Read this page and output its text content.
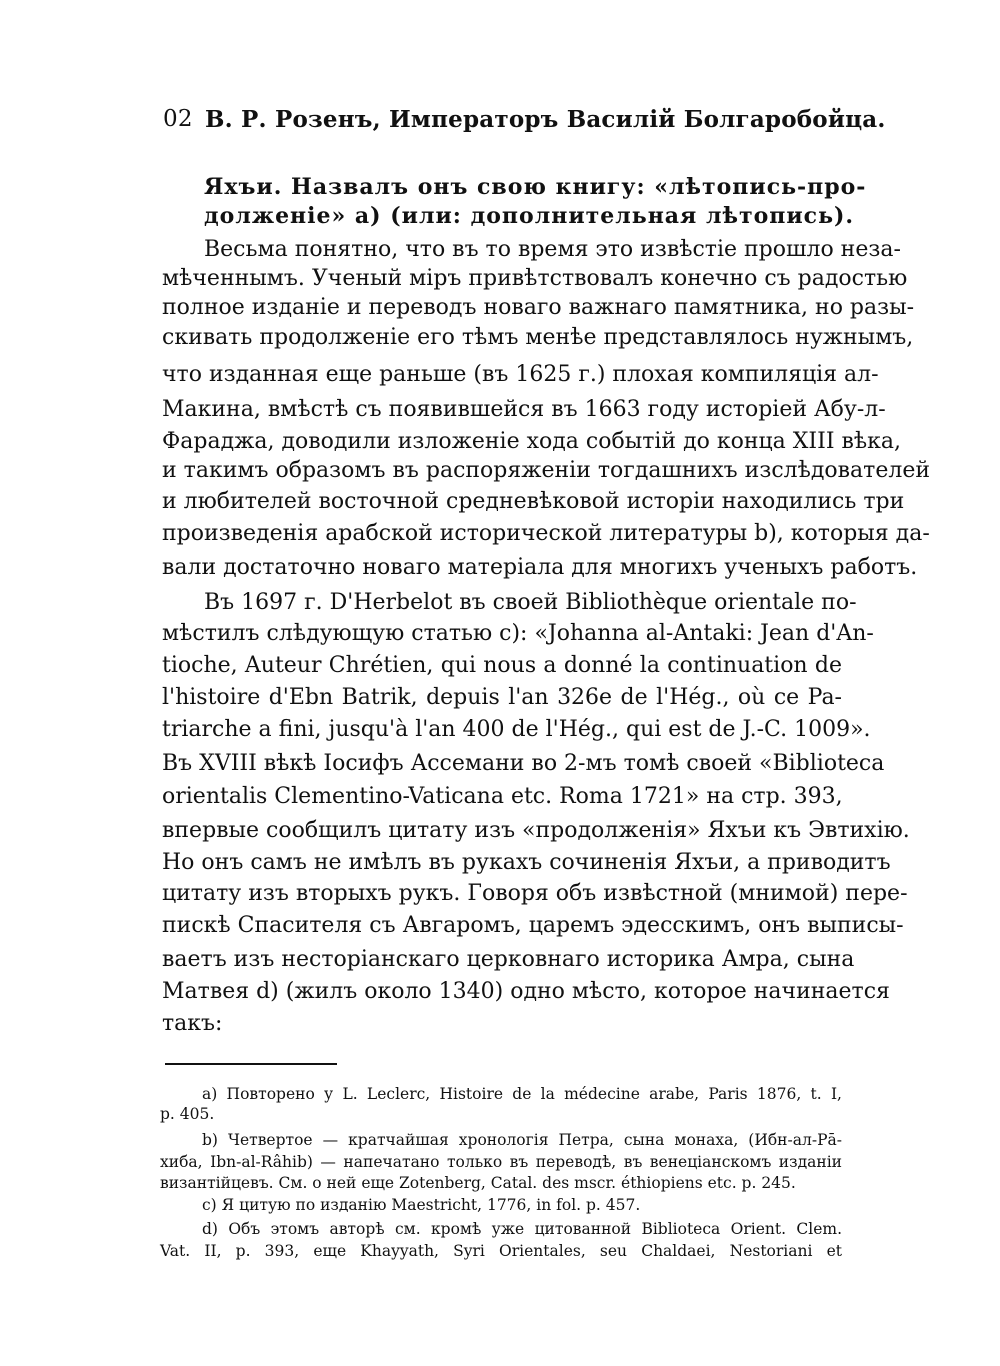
02 В. Р. Розенъ, Императоръ Василій Болгаробойца.
Яхъи. Назвалъ онъ свою книгу: «лѣтопись-про-
долженіе» a) (или: дополнительная лѣтопись).
Весьма понятно, что въ то время это извѣстіе прошло неза-
мѣченнымъ. Ученый міръ привѣтствовалъ конечно съ радостью
полное изданіе и переводъ новаго важнаго памятника, но разы-
скивать продолженіе его тѣмъ менѣе представлялось нужнымъ,
что изданная еще раньше (въ 1625 г.) плохая компиляція ал-
Макина, вмѣстѣ съ появившейся въ 1663 году исторіей Абу-л-
Фараджа, доводили изложеніе хода событій до конца XIII вѣка,
и такимъ образомъ въ распоряженіи тогдашнихъ изслѣдователей
и любителей восточной средневѣковой исторіи находились три
произведенія арабской исторической литературы b), которыя да-
вали достаточно новаго матеріала для многихъ ученыхъ работъ.
Въ 1697 г. D'Herbelot въ своей Bibliothèque orientale по-
мѣстилъ слѣдующую статью c): «Johanna al-Antaki: Jean d'An-
tioche, Auteur Chrétien, qui nous a donné la continuation de
l'histoire d'Ebn Batrik, depuis l'an 326e de l'Hég., où ce Pa-
triarche a fini, jusqu'à l'an 400 de l'Hég., qui est de J.-C. 1009».
Въ XVIII вѣкѣ Іосифъ Ассемани во 2-мъ томѣ своей «Biblioteca
orientalis Clementino-Vaticana etc. Roma 1721» на стр. 393,
впервые сообщилъ цитату изъ «продолженія» Яхъи къ Эвтихію.
Но онъ самъ не имѣлъ въ рукахъ сочиненія Яхъи, а приводитъ
цитату изъ вторыхъ рукъ. Говоря объ извѣстной (мнимой) пере-
пискѣ Спасителя съ Авгаромъ, царемъ эдесскимъ, онъ выписы-
ваетъ изъ несторіанскаго церковнаго историка Амра, сына
Матвея d) (жилъ около 1340) одно мѣсто, которое начинается
такъ:
a) Повторено у L. Leclerc, Histoire de la médecine arabe, Paris 1876, t. I,
p. 405.
b) Четвертое — кратчайшая хронологія Петра, сына монаха, (Ибн-ал-Рā-
хиба, Ibn-al-Râhib) — напечатано только въ переводѣ, въ венеціанскомъ изданіи
византійцевъ. См. о ней еще Zotenberg, Catal. des mscr. éthiopiens etc. p. 245.
c) Я цитую по изданію Maestricht, 1776, in fol. p. 457.
d) Объ этомъ авторѣ см. кромѣ уже цитованной Biblioteca Orient. Clem.
Vat. II, p. 393, еще Khayyath, Syri Orientales, seu Chaldaei, Nestoriani et
